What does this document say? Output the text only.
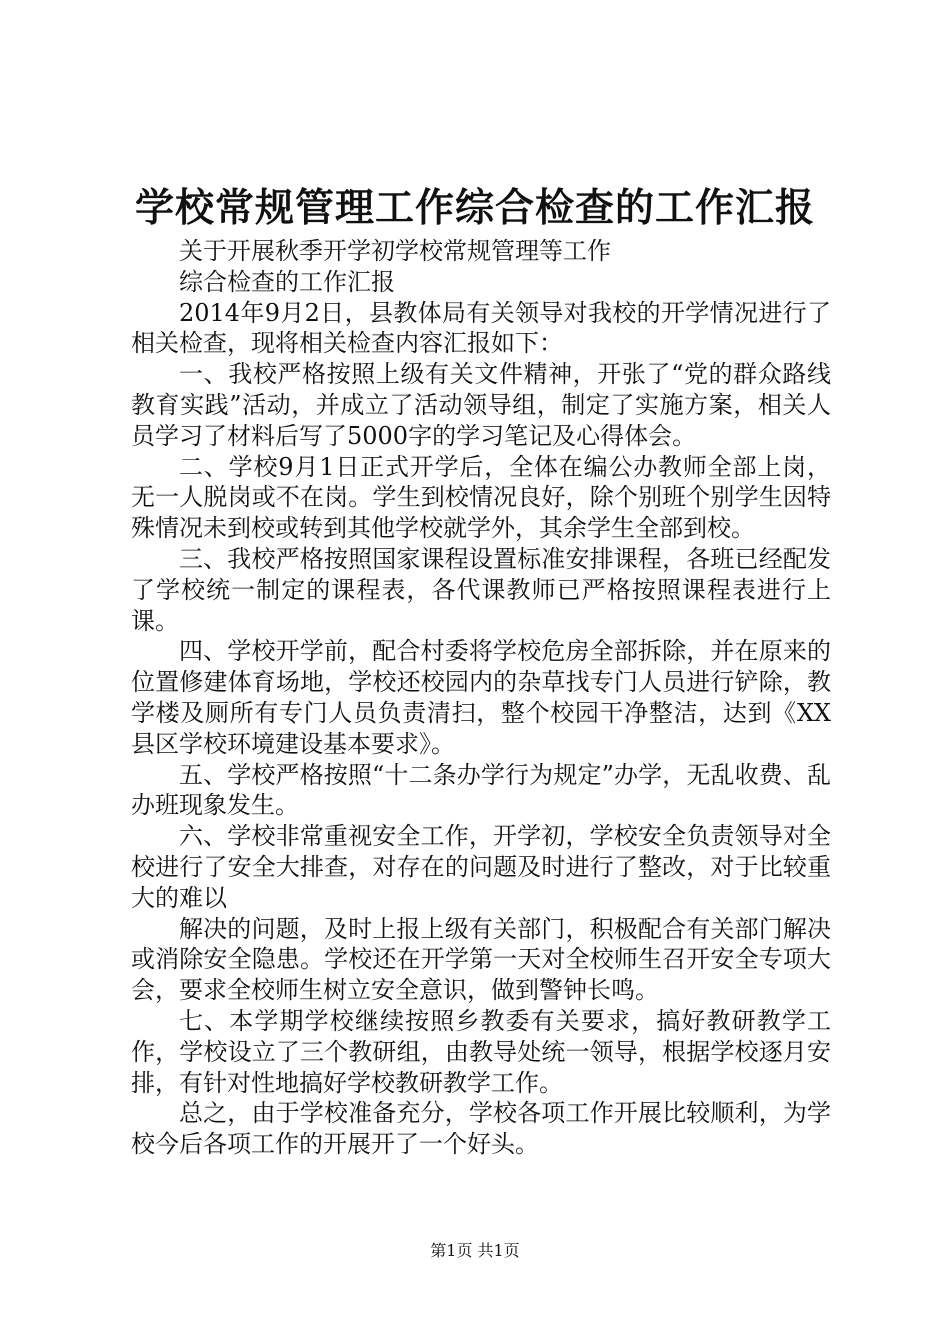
学校常规管理工作综合检查的工作汇报

关于开展秋季开学初学校常规管理等工作

综合检查的工作汇报

2014年9月2日，县教体局有关领导对我校的开学情况进行了相关检查，现将相关检查内容汇报如下：

一、我校严格按照上级有关文件精神，开张了“党的群众路线教育实践”活动，并成立了活动领导组，制定了实施方案，相关人员学习了材料后写了5000字的学习笔记及心得体会。

二、学校9月1日正式开学后，全体在编公办教师全部上岗，无一人脱岗或不在岗。学生到校情况良好，除个别班个别学生因特殊情况未到校或转到其他学校就学外，其余学生全部到校。

三、我校严格按照国家课程设置标准安排课程，各班已经配发了学校统一制定的课程表，各代课教师已严格按照课程表进行上课。

四、学校开学前，配合村委将学校危房全部拆除，并在原来的位置修建体育场地，学校还校园内的杂草找专门人员进行铲除，教学楼及厕所有专门人员负责清扫，整个校园干净整洁，达到《XX县区学校环境建设基本要求》。

五、学校严格按照“十二条办学行为规定”办学，无乱收费、乱办班现象发生。

六、学校非常重视安全工作，开学初，学校安全负责领导对全校进行了安全大排查，对存在的问题及时进行了整改，对于比较重大的难以

解决的问题，及时上报上级有关部门，积极配合有关部门解决或消除安全隐患。学校还在开学第一天对全校师生召开安全专项大会，要求全校师生树立安全意识，做到警钟长鸣。

七、本学期学校继续按照乡教委有关要求，搞好教研教学工作，学校设立了三个教研组，由教导处统一领导，根据学校逐月安排，有针对性地搞好学校教研教学工作。

总之，由于学校准备充分，学校各项工作开展比较顺利，为学校今后各项工作的开展开了一个好头。

第1页 共1页
